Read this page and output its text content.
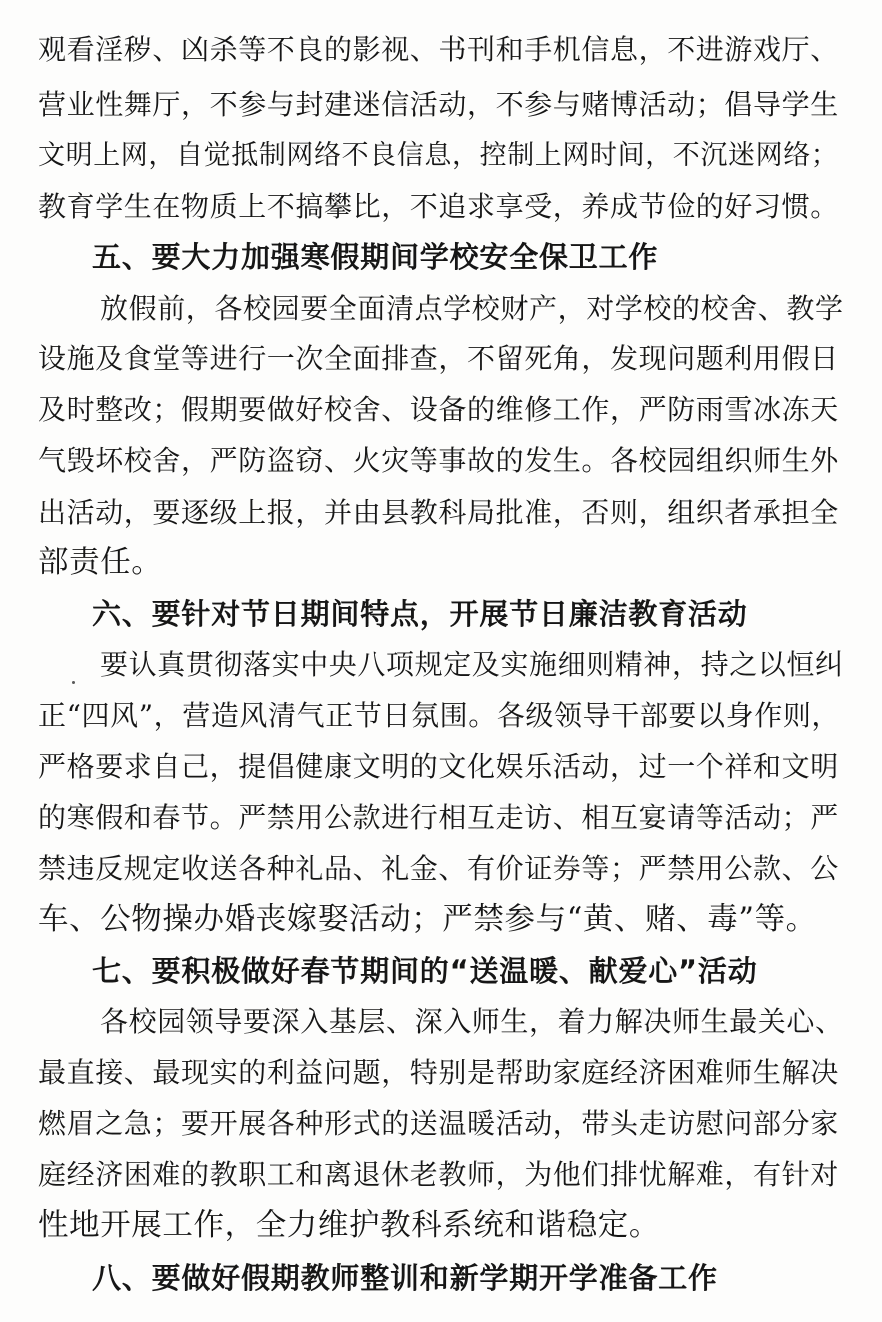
观看淫秽、凶杀等不良的影视、书刊和手机信息，不进游戏厅、
营业性舞厅，不参与封建迷信活动，不参与赌博活动；倡导学生
文明上网，自觉抵制网络不良信息，控制上网时间，不沉迷网络；
教育学生在物质上不搞攀比，不追求享受，养成节俭的好习惯。
五、要大力加强寒假期间学校安全保卫工作
放假前，各校园要全面清点学校财产，对学校的校舍、教学
设施及食堂等进行一次全面排查，不留死角，发现问题利用假日
及时整改；假期要做好校舍、设备的维修工作，严防雨雪冰冻天
气毁坏校舍，严防盗窃、火灾等事故的发生。各校园组织师生外
出活动，要逐级上报，并由县教科局批准，否则，组织者承担全
部责任。
六、要针对节日期间特点，开展节日廉洁教育活动
要认真贯彻落实中央八项规定及实施细则精神，持之以恒纠
正“四风”，营造风清气正节日氛围。各级领导干部要以身作则，
严格要求自己，提倡健康文明的文化娱乐活动，过一个祥和文明
的寒假和春节。严禁用公款进行相互走访、相互宴请等活动；严
禁违反规定收送各种礼品、礼金、有价证券等；严禁用公款、公
车、公物操办婚丧嫁娶活动；严禁参与“黄、赌、毒”等。
七、要积极做好春节期间的“送温暖、献爱心”活动
各校园领导要深入基层、深入师生，着力解决师生最关心、
最直接、最现实的利益问题，特别是帮助家庭经济困难师生解决
燃眉之急；要开展各种形式的送温暖活动，带头走访慰问部分家
庭经济困难的教职工和离退休老教师，为他们排忧解难，有针对
性地开展工作，全力维护教科系统和谐稳定。
八、要做好假期教师整训和新学期开学准备工作
